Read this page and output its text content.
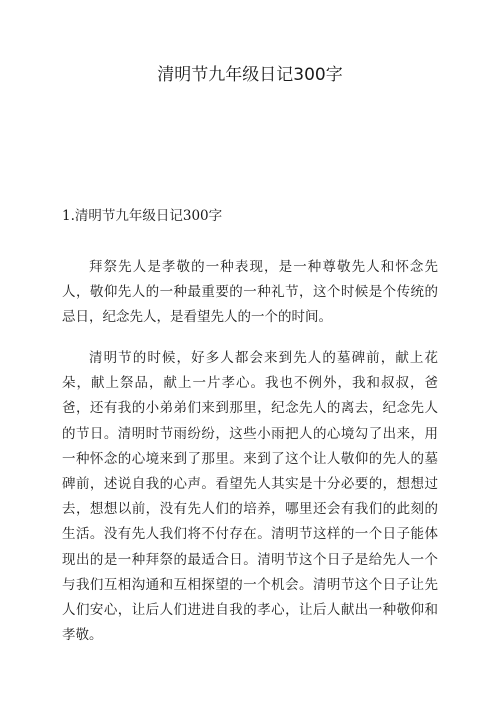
清明节九年级日记300字

1.清明节九年级日记300字

拜祭先人是孝敬的一种表现，是一种尊敬先人和怀念先人，敬仰先人的一种最重要的一种礼节，这个时候是个传统的忌日，纪念先人，是看望先人的一个的时间。

清明节的时候，好多人都会来到先人的墓碑前，献上花朵，献上祭品，献上一片孝心。我也不例外，我和叔叔，爸爸，还有我的小弟弟们来到那里，纪念先人的离去，纪念先人的节日。清明时节雨纷纷，这些小雨把人的心境勾了出来，用一种怀念的心境来到了那里。来到了这个让人敬仰的先人的墓碑前，述说自我的心声。看望先人其实是十分必要的，想想过去，想想以前，没有先人们的培养，哪里还会有我们的此刻的生活。没有先人我们将不付存在。清明节这样的一个日子能体现出的是一种拜祭的最适合日。清明节这个日子是给先人一个与我们互相沟通和互相探望的一个机会。清明节这个日子让先人们安心，让后人们进进自我的孝心，让后人献出一种敬仰和孝敬。
